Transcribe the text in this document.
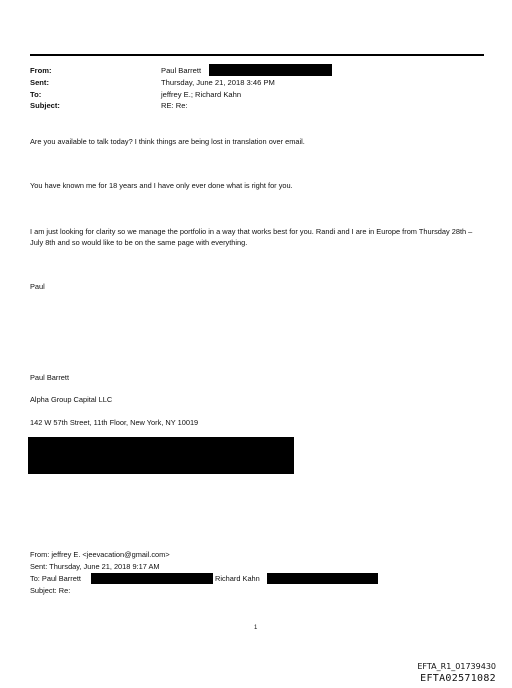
From:	Paul Barrett
Sent:	Thursday, June 21, 2018 3:46 PM
To:	jeffrey E.; Richard Kahn
Subject:	RE: Re:
Are you available to talk today? I think things are being lost in translation over email.
You have known me for 18 years and I have only ever done what is right for you.
I am just looking for clarity so we manage the portfolio in a way that works best for you. Randi and I are in Europe from Thursday 28th – July 8th and so would like to be on the same page with everything.
Paul
Paul Barrett
Alpha Group Capital LLC
142 W 57th Street, 11th Floor, New York, NY 10019
From: jeffrey E. <jeevacation@gmail.com>
Sent: Thursday, June 21, 2018 9:17 AM
To: Paul Barrett	Richard Kahn
Subject: Re:
1
EFTA_R1_01739430
EFTA02571082
